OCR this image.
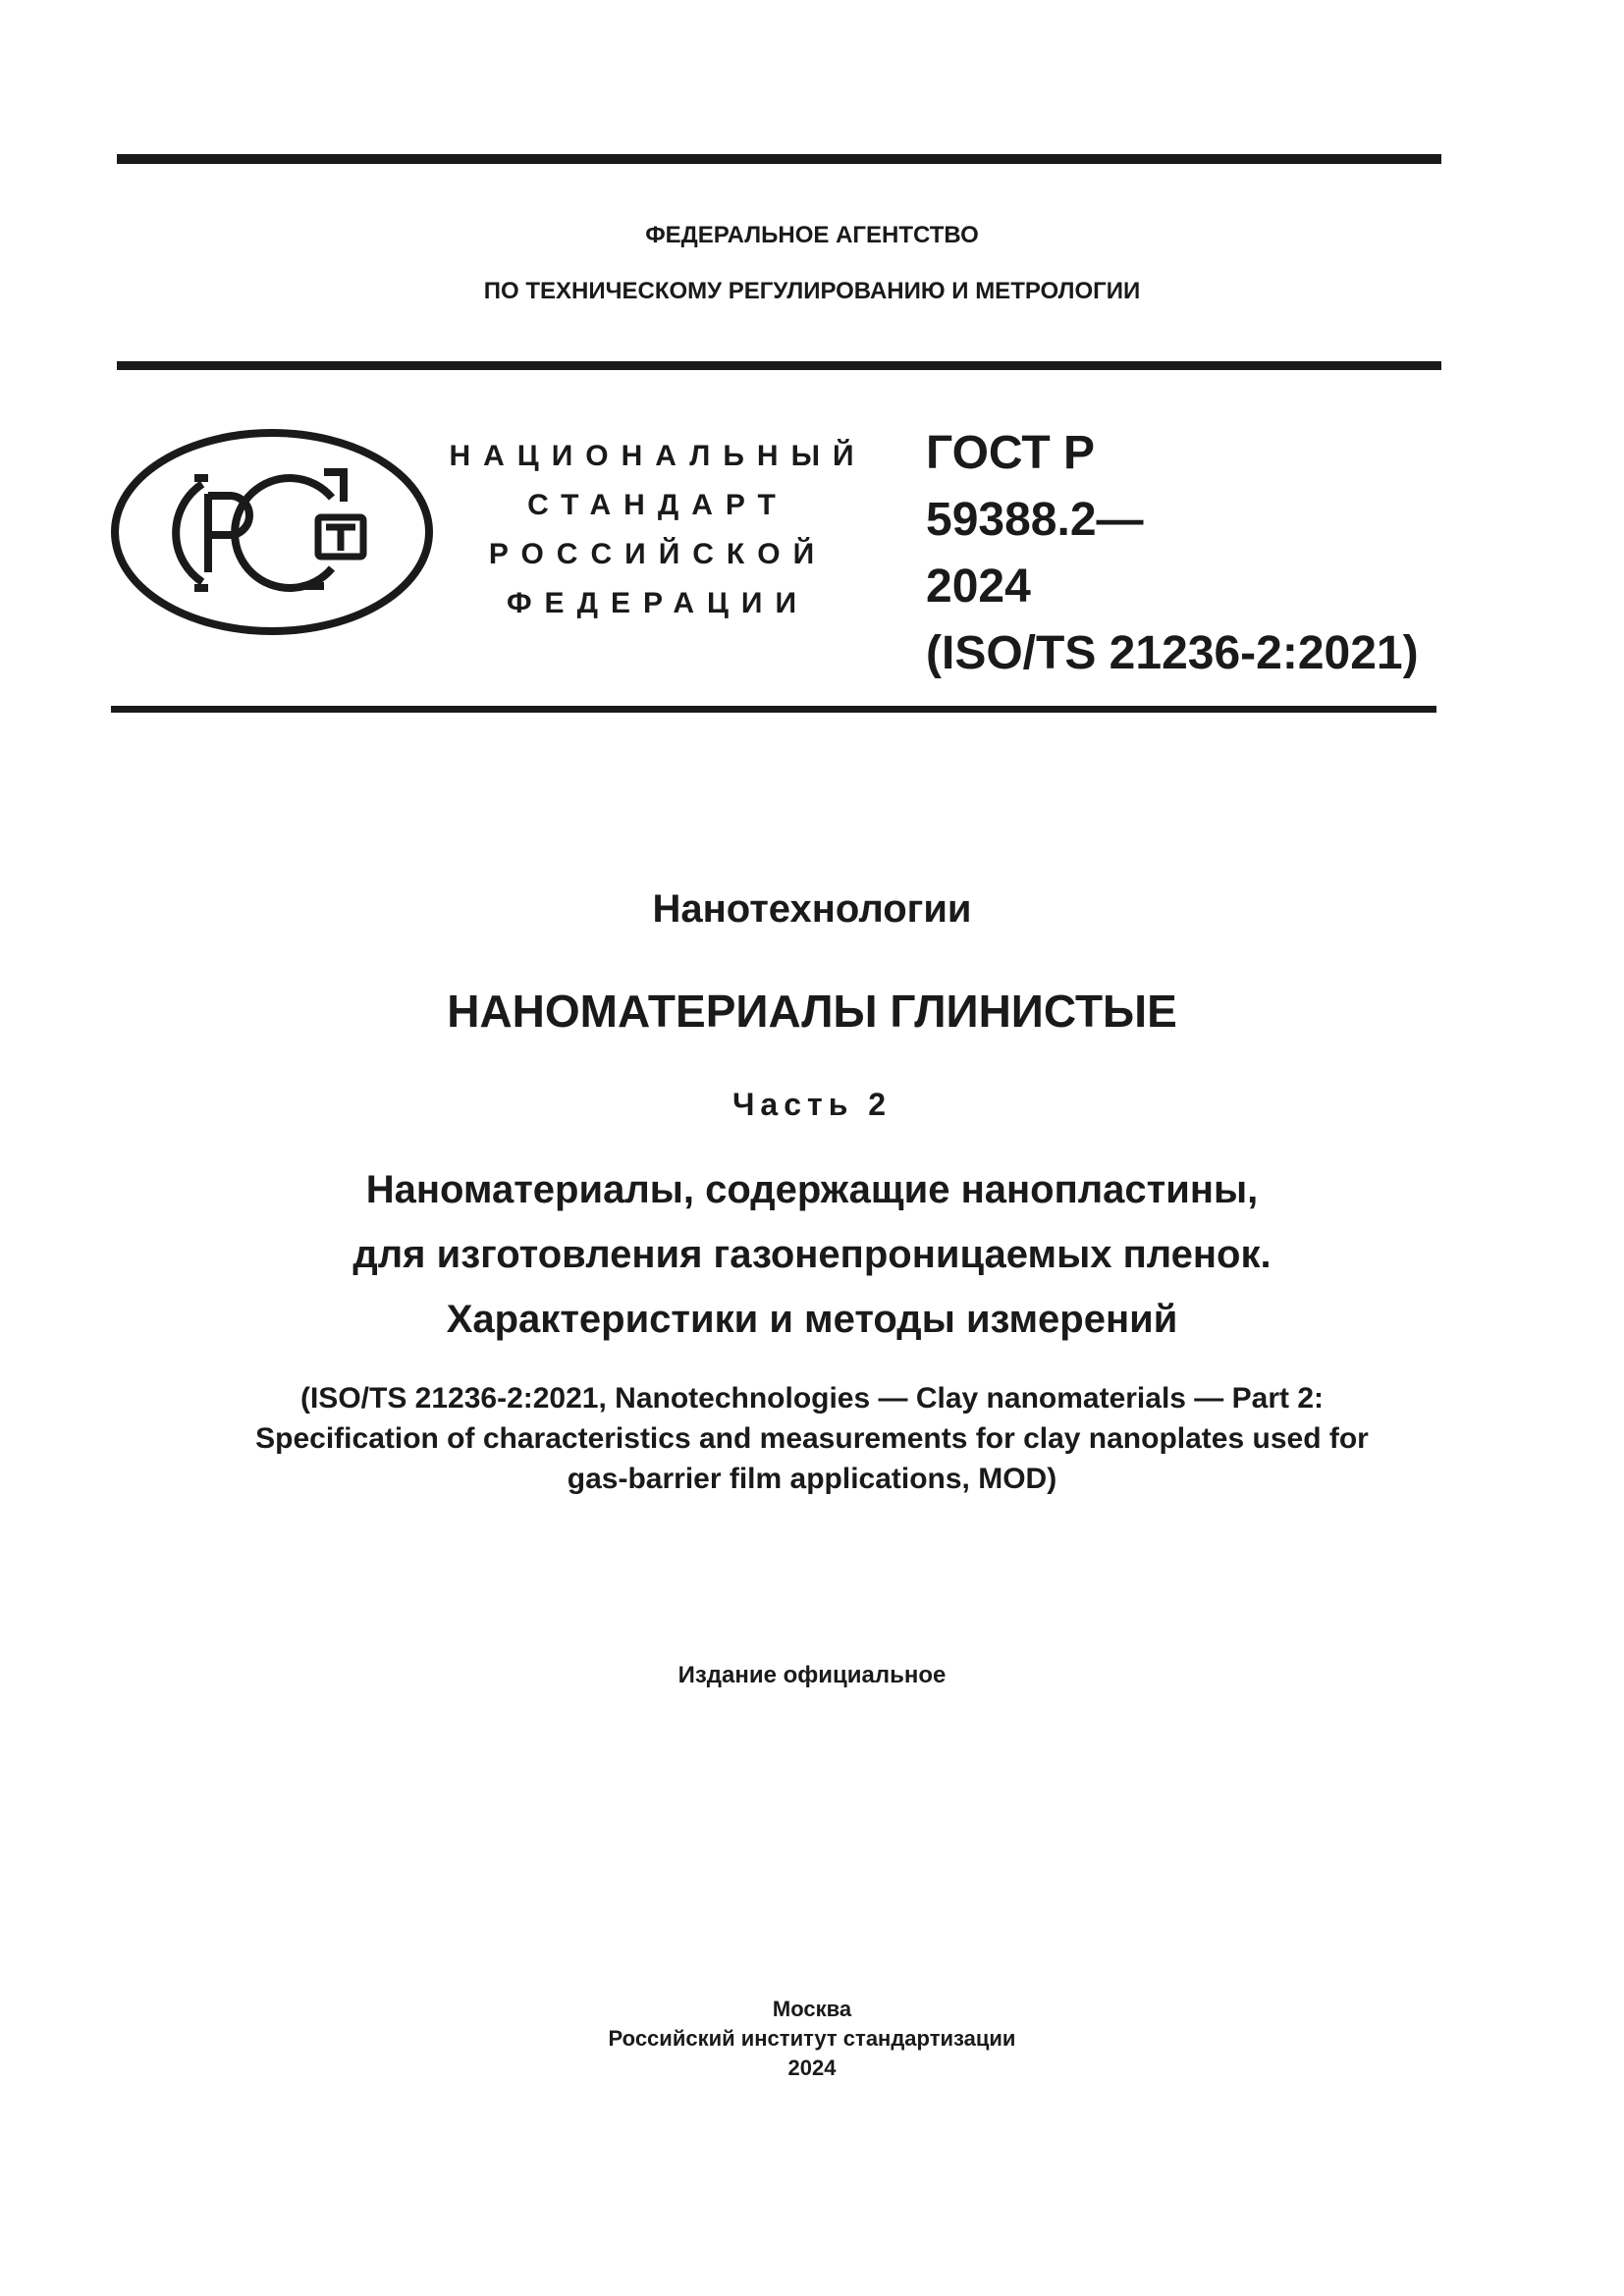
ФЕДЕРАЛЬНОЕ АГЕНТСТВО
ПО ТЕХНИЧЕСКОМУ РЕГУЛИРОВАНИЮ И МЕТРОЛОГИИ
НАЦИОНАЛЬНЫЙ
СТАНДАРТ
РОССИЙСКОЙ
ФЕДЕРАЦИИ
ГОСТ Р
59388.2—
2024
(ISO/TS 21236-2:2021)
Нанотехнологии
НАНОМАТЕРИАЛЫ ГЛИНИСТЫЕ
Часть 2
Наноматериалы, содержащие нанопластины,
для изготовления газонепроницаемых пленок.
Характеристики и методы измерений
(ISO/TS 21236-2:2021, Nanotechnologies — Clay nanomaterials — Part 2:
Specification of characteristics and measurements for clay nanoplates used for
gas-barrier film applications, MOD)
Издание официальное
Москва
Российский институт стандартизации
2024
